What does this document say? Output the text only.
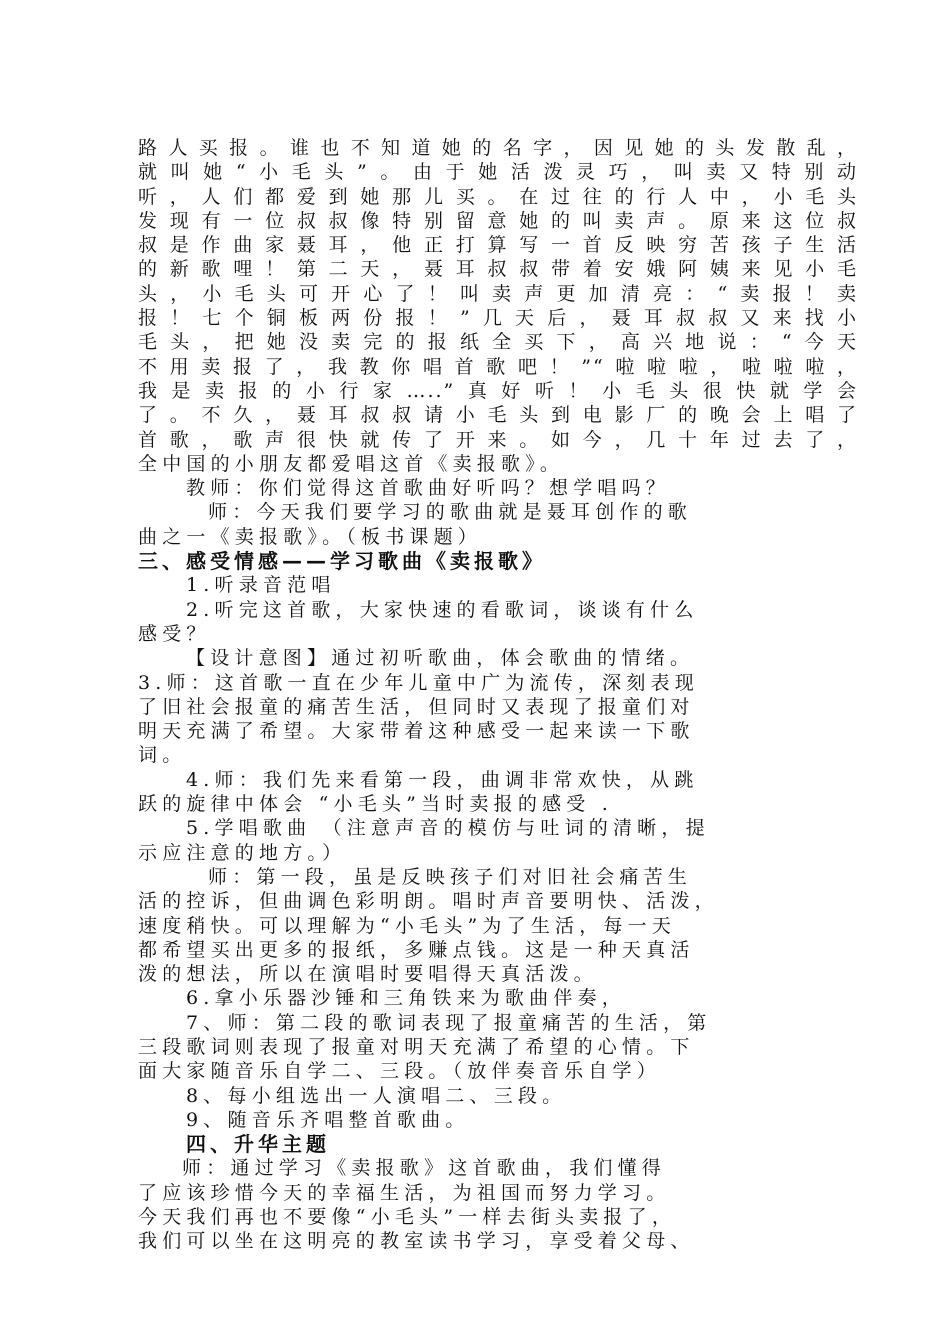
路人买报。谁也不知道她的名字，因见她的头发散乱，
就叫她“小毛头”。由于她活泼灵巧，叫卖又特别动
听，人们都爱到她那儿买。在过往的行人中，小毛头
发现有一位叔叔像特别留意她的叫卖声。原来这位叔
叔是作曲家聂耳，他正打算写一首反映穷苦孩子生活
的新歌哩！第二天，聂耳叔叔带着安娥阿姨来见小毛
头，小毛头可开心了！叫卖声更加清亮：“卖报！卖
报！七个铜板两份报！”几天后，聂耳叔叔又来找小
毛头，把她没卖完的报纸全买下，高兴地说：“今天
不用卖报了，我教你唱首歌吧！”“啦啦啦，啦啦啦，
我是卖报的小行家…..”真好听！小毛头很快就学会
了。不久，聂耳叔叔请小毛头到电影厂的晚会上唱了
首歌，歌声很快就传了开来。如今，几十年过去了，
全中国的小朋友都爱唱这首《卖报歌》。
教师：你们觉得这首歌曲好听吗？想学唱吗？
师：今天我们要学习的歌曲就是聂耳创作的歌
曲之一《卖报歌》。（板书课题）
三、感受情感——学习歌曲《卖报歌》
1.听录音范唱
2.听完这首歌，大家快速的看歌词，谈谈有什么
感受？
【设计意图】通过初听歌曲，体会歌曲的情绪。
3.师：这首歌一直在少年儿童中广为流传，深刻表现
了旧社会报童的痛苦生活，但同时又表现了报童们对
明天充满了希望。大家带着这种感受一起来读一下歌
词。
4.师：我们先来看第一段，曲调非常欢快，从跳
跃的旋律中体会 “小毛头”当时卖报的感受 .
5.学唱歌曲 （注意声音的模仿与吐词的清晰，提
示应注意的地方。）
师：第一段，虽是反映孩子们对旧社会痛苦生
活的控诉，但曲调色彩明朗。唱时声音要明快、活泼，
速度稍快。可以理解为“小毛头”为了生活，每一天
都希望买出更多的报纸，多赚点钱。这是一种天真活
泼的想法，所以在演唱时要唱得天真活泼。
6.拿小乐器沙锤和三角铁来为歌曲伴奏，
7、师：第二段的歌词表现了报童痛苦的生活，第
三段歌词则表现了报童对明天充满了希望的心情。下
面大家随音乐自学二、三段。（放伴奏音乐自学）
8、每小组选出一人演唱二、三段。
9、随音乐齐唱整首歌曲。
四、升华主题
师：通过学习《卖报歌》这首歌曲，我们懂得
了应该珍惜今天的幸福生活，为祖国而努力学习。
今天我们再也不要像“小毛头”一样去街头卖报了，
我们可以坐在这明亮的教室读书学习，享受着父母、
